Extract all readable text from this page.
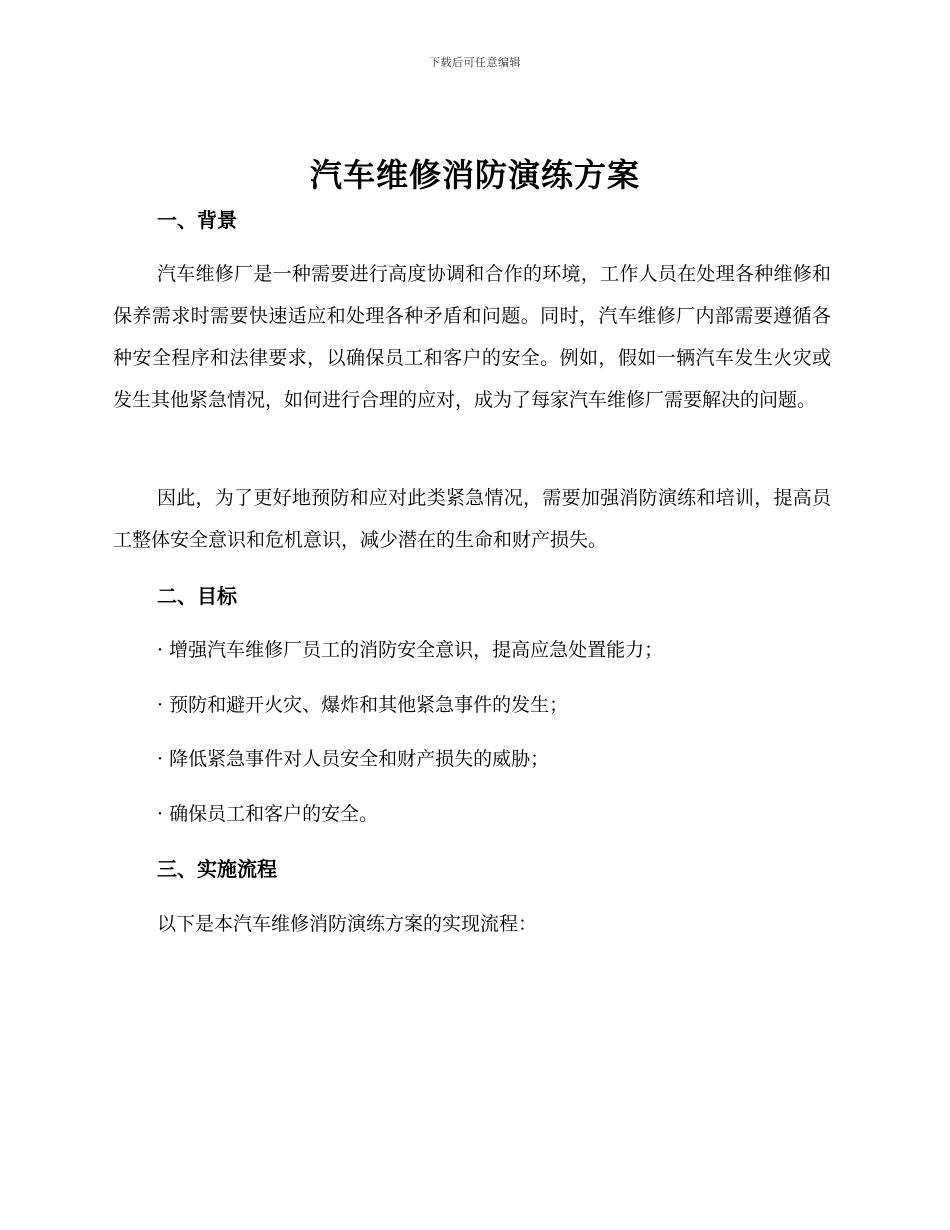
下载后可任意编辑
汽车维修消防演练方案
一、背景

汽车维修厂是一种需要进行高度协调和合作的环境，工作人员在处理各种维修和保养需求时需要快速适应和处理各种矛盾和问题。同时，汽车维修厂内部需要遵循各种安全程序和法律要求，以确保员工和客户的安全。例如，假如一辆汽车发生火灾或发生其他紧急情况，如何进行合理的应对，成为了每家汽车维修厂需要解决的问题。

因此，为了更好地预防和应对此类紧急情况，需要加强消防演练和培训，提高员工整体安全意识和危机意识，减少潜在的生命和财产损失。

二、目标

· 增强汽车维修厂员工的消防安全意识，提高应急处置能力；

· 预防和避开火灾、爆炸和其他紧急事件的发生；

· 降低紧急事件对人员安全和财产损失的威胁；

· 确保员工和客户的安全。

三、实施流程

以下是本汽车维修消防演练方案的实现流程：
